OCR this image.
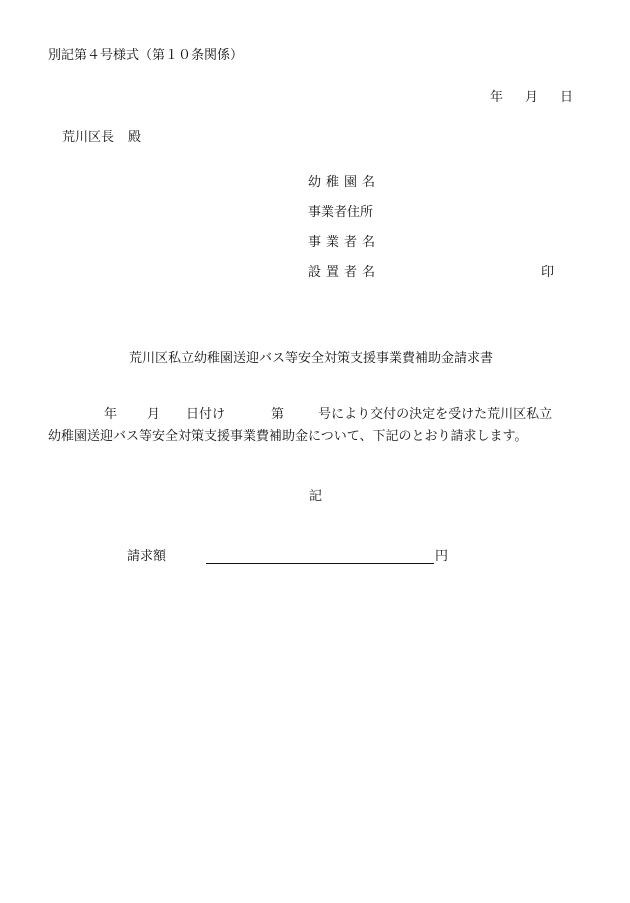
別記第４号様式（第１０条関係）
年 月 日
荒川区長 殿
幼稚園名
事業者住所
事業者名
設置者名	印
荒川区私立幼稚園送迎バス等安全対策支援事業費補助金請求書
年 月 日付け	第	号により交付の決定を受けた荒川区私立
幼稚園送迎バス等安全対策支援事業費補助金について、下記のとおり請求します。
記
請求額	円
